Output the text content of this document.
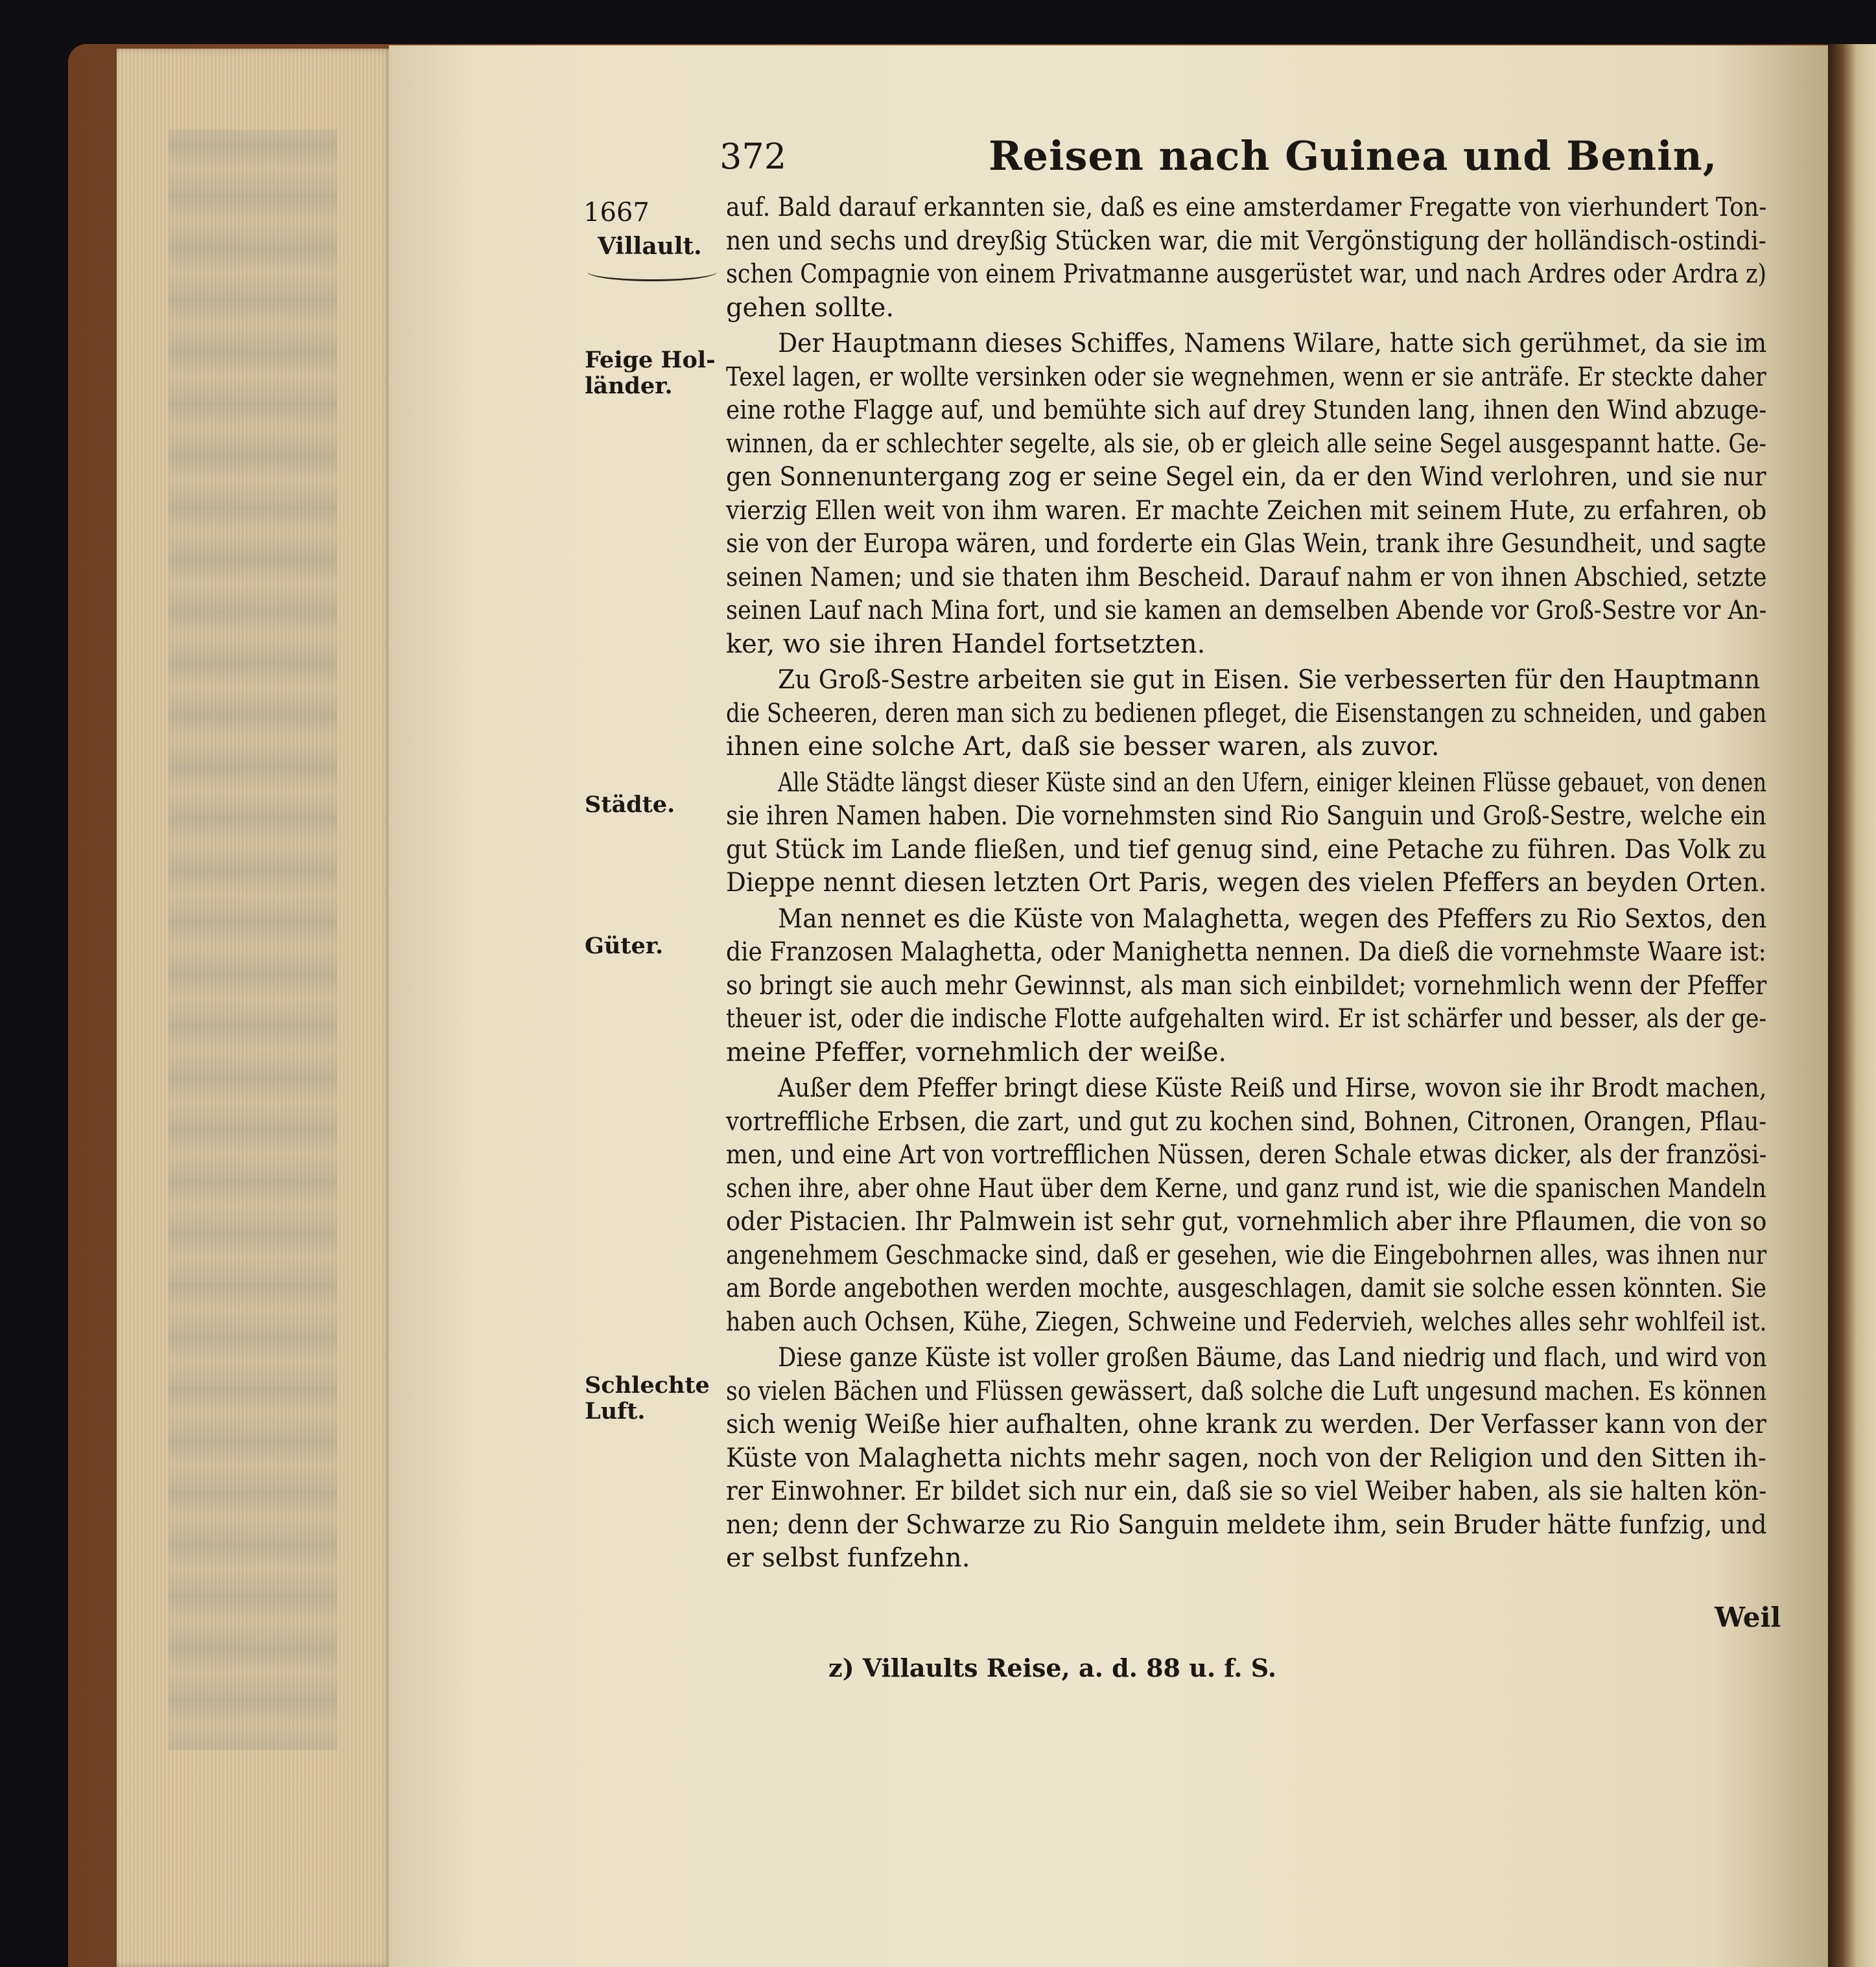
372	Reisen nach Guinea und Benin,
1667
Villault.
Feige Hol-
länder.
Städte.
Güter.
Schlechte
Luft.
auf. Bald darauf erkannten sie, daß es eine amsterdamer Fregatte von vierhundert Ton-
nen und sechs und dreyßig Stücken war, die mit Vergönstigung der holländisch-ostindi-
schen Compagnie von einem Privatmanne ausgerüstet war, und nach Ardres oder Ardra z)
gehen sollte.
Der Hauptmann dieses Schiffes, Namens Wilare, hatte sich gerühmet, da sie im
Texel lagen, er wollte versinken oder sie wegnehmen, wenn er sie anträfe. Er steckte daher
eine rothe Flagge auf, und bemühte sich auf drey Stunden lang, ihnen den Wind abzuge-
winnen, da er schlechter segelte, als sie, ob er gleich alle seine Segel ausgespannt hatte. Ge-
gen Sonnenuntergang zog er seine Segel ein, da er den Wind verlohren, und sie nur
vierzig Ellen weit von ihm waren. Er machte Zeichen mit seinem Hute, zu erfahren, ob
sie von der Europa wären, und forderte ein Glas Wein, trank ihre Gesundheit, und sagte
seinen Namen; und sie thaten ihm Bescheid. Darauf nahm er von ihnen Abschied, setzte
seinen Lauf nach Mina fort, und sie kamen an demselben Abende vor Groß-Sestre vor An-
ker, wo sie ihren Handel fortsetzten.
Zu Groß-Sestre arbeiten sie gut in Eisen. Sie verbesserten für den Hauptmann
die Scheeren, deren man sich zu bedienen pfleget, die Eisenstangen zu schneiden, und gaben
ihnen eine solche Art, daß sie besser waren, als zuvor.
Alle Städte längst dieser Küste sind an den Ufern, einiger kleinen Flüsse gebauet, von denen
sie ihren Namen haben. Die vornehmsten sind Rio Sanguin und Groß-Sestre, welche ein
gut Stück im Lande fließen, und tief genug sind, eine Petache zu führen. Das Volk zu
Dieppe nennt diesen letzten Ort Paris, wegen des vielen Pfeffers an beyden Orten.
Man nennet es die Küste von Malaghetta, wegen des Pfeffers zu Rio Sextos, den
die Franzosen Malaghetta, oder Manighetta nennen. Da dieß die vornehmste Waare ist:
so bringt sie auch mehr Gewinnst, als man sich einbildet; vornehmlich wenn der Pfeffer
theuer ist, oder die indische Flotte aufgehalten wird. Er ist schärfer und besser, als der ge-
meine Pfeffer, vornehmlich der weiße.
Außer dem Pfeffer bringt diese Küste Reiß und Hirse, wovon sie ihr Brodt machen,
vortreffliche Erbsen, die zart, und gut zu kochen sind, Bohnen, Citronen, Orangen, Pflau-
men, und eine Art von vortrefflichen Nüssen, deren Schale etwas dicker, als der französi-
schen ihre, aber ohne Haut über dem Kerne, und ganz rund ist, wie die spanischen Mandeln
oder Pistacien. Ihr Palmwein ist sehr gut, vornehmlich aber ihre Pflaumen, die von so
angenehmem Geschmacke sind, daß er gesehen, wie die Eingebohrnen alles, was ihnen nur
am Borde angebothen werden mochte, ausgeschlagen, damit sie solche essen könnten. Sie
haben auch Ochsen, Kühe, Ziegen, Schweine und Federvieh, welches alles sehr wohlfeil ist.
Diese ganze Küste ist voller großen Bäume, das Land niedrig und flach, und wird von
so vielen Bächen und Flüssen gewässert, daß solche die Luft ungesund machen. Es können
sich wenig Weiße hier aufhalten, ohne krank zu werden. Der Verfasser kann von der
Küste von Malaghetta nichts mehr sagen, noch von der Religion und den Sitten ih-
rer Einwohner. Er bildet sich nur ein, daß sie so viel Weiber haben, als sie halten kön-
nen; denn der Schwarze zu Rio Sanguin meldete ihm, sein Bruder hätte funfzig, und
er selbst funfzehn.
Weil
z) Villaults Reise, a. d. 88 u. f. S.
